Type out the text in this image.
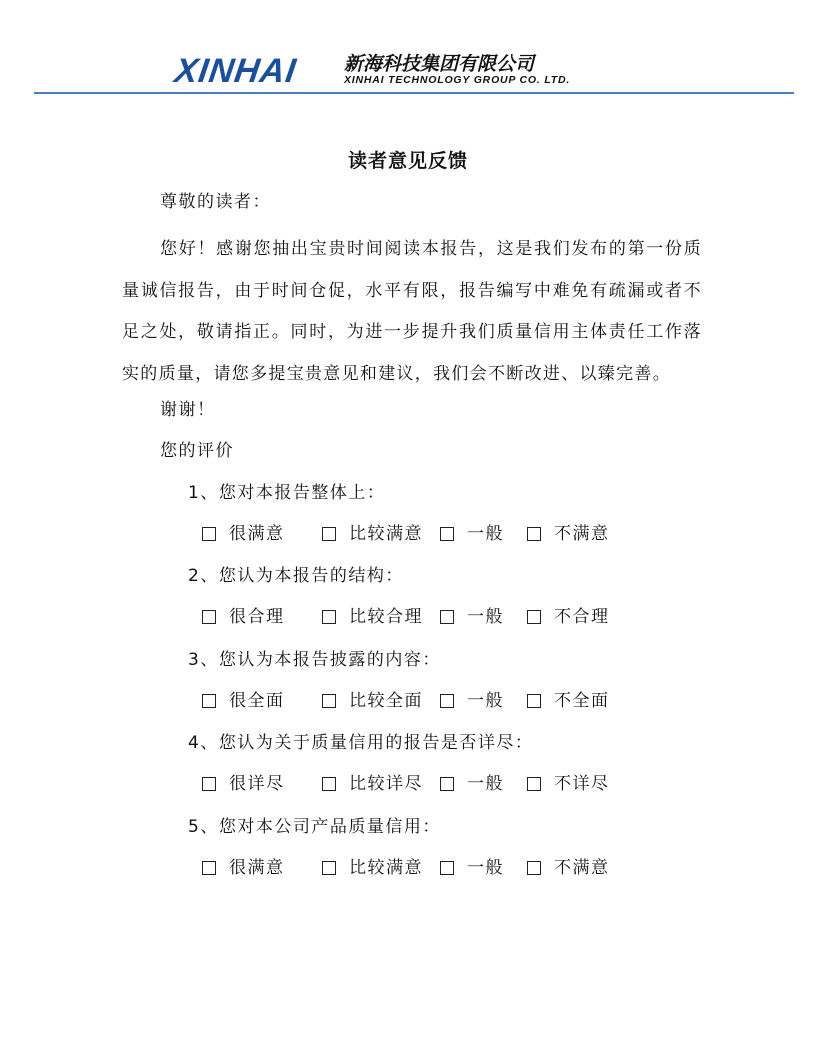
XINHAI 新海科技集团有限公司
XINHAI TECHNOLOGY GROUP CO. LTD.
读者意见反馈
尊敬的读者：
您好！感谢您抽出宝贵时间阅读本报告，这是我们发布的第一份质量诚信报告，由于时间仓促，水平有限，报告编写中难免有疏漏或者不足之处，敬请指正。同时，为进一步提升我们质量信用主体责任工作落实的质量，请您多提宝贵意见和建议，我们会不断改进、以臻完善。
谢谢！
您的评价
1、您对本报告整体上：
很满意	比较满意	一般	不满意
2、您认为本报告的结构：
很合理	比较合理	一般	不合理
3、您认为本报告披露的内容：
很全面	比较全面	一般	不全面
4、您认为关于质量信用的报告是否详尽：
很详尽	比较详尽	一般	不详尽
5、您对本公司产品质量信用：
很满意	比较满意	一般	不满意
